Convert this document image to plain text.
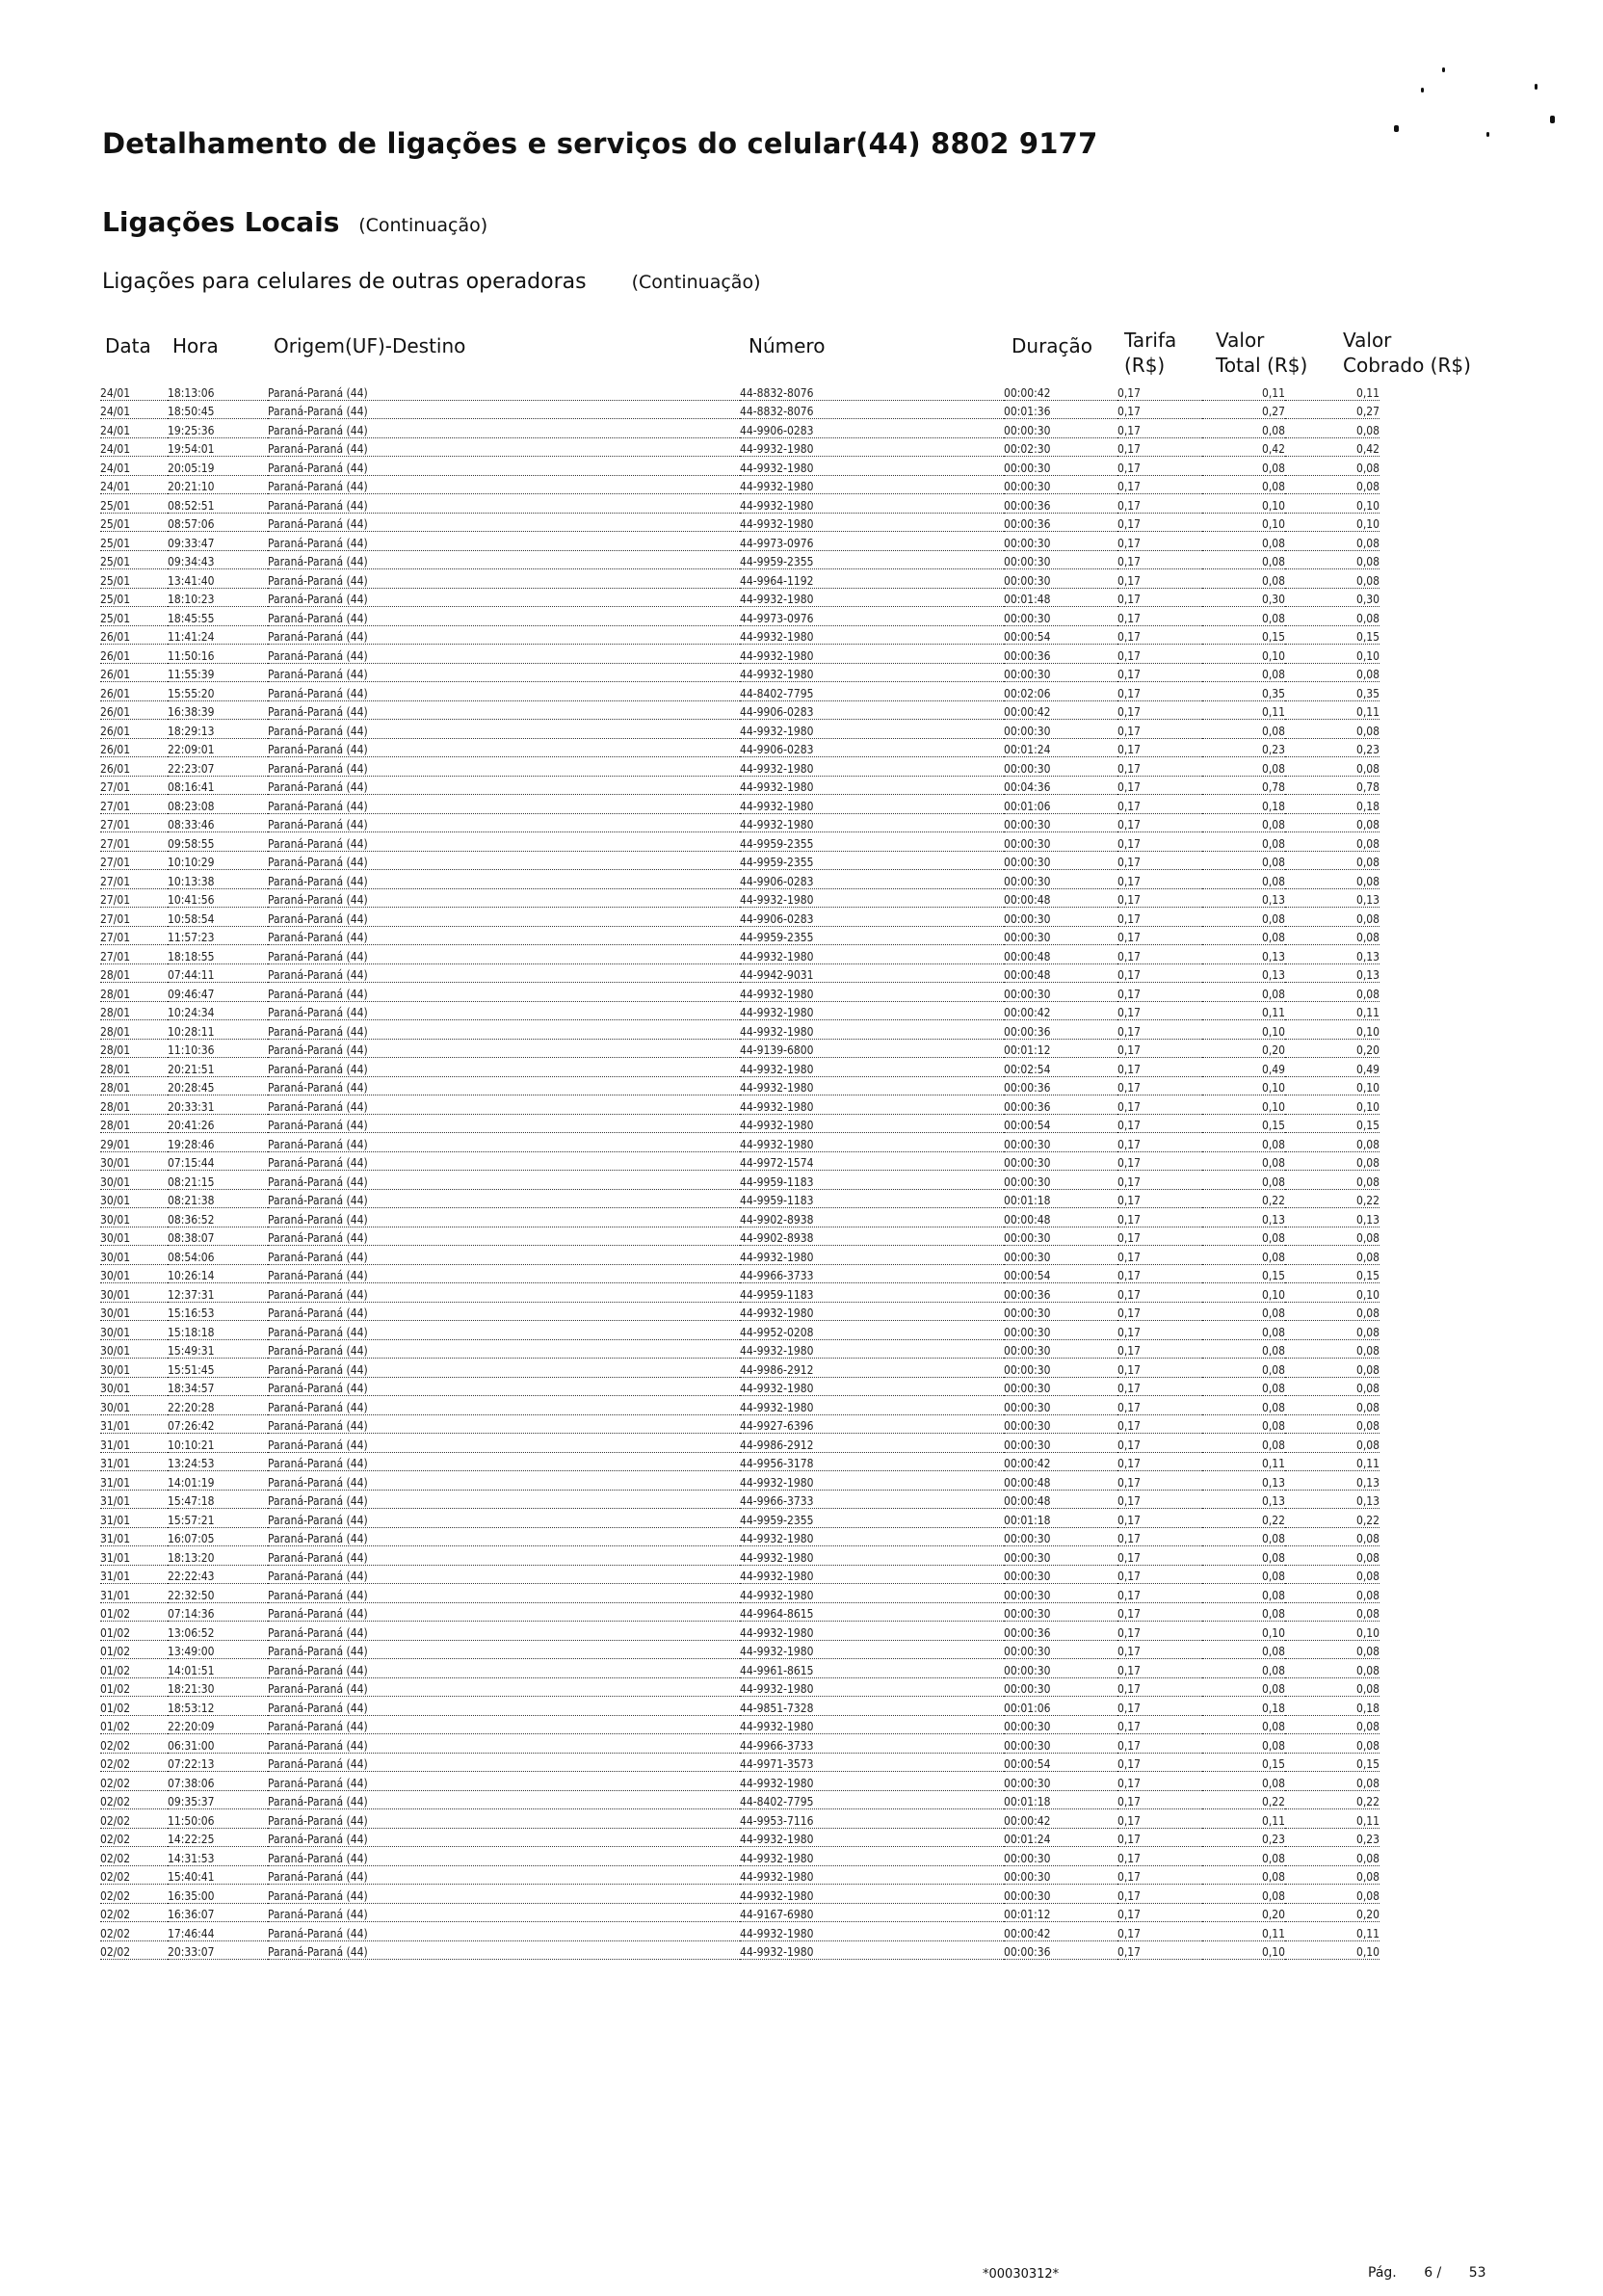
Detalhamento de ligações e serviços do celular(44) 8802 9177
Ligações Locais (Continuação)
Ligações para celulares de outras operadoras (Continuação)
Data Hora	Origem(UF)-Destino	Número	Duração Tarifa
(R$)
Valor
Total (R$)
Valor
Cobrado (R$)
24/01	18:13:06	Paraná-Paraná (44)	44-8832-8076	00:00:42	0,17	0,11	0,11
24/01	18:50:45	Paraná-Paraná (44)	44-8832-8076	00:01:36	0,17	0,27	0,27
24/01	19:25:36	Paraná-Paraná (44)	44-9906-0283	00:00:30	0,17	0,08	0,08
24/01	19:54:01	Paraná-Paraná (44)	44-9932-1980	00:02:30	0,17	0,42	0,42
24/01	20:05:19	Paraná-Paraná (44)	44-9932-1980	00:00:30	0,17	0,08	0,08
24/01	20:21:10	Paraná-Paraná (44)	44-9932-1980	00:00:30	0,17	0,08	0,08
25/01	08:52:51	Paraná-Paraná (44)	44-9932-1980	00:00:36	0,17	0,10	0,10
25/01	08:57:06	Paraná-Paraná (44)	44-9932-1980	00:00:36	0,17	0,10	0,10
25/01	09:33:47	Paraná-Paraná (44)	44-9973-0976	00:00:30	0,17	0,08	0,08
25/01	09:34:43	Paraná-Paraná (44)	44-9959-2355	00:00:30	0,17	0,08	0,08
25/01	13:41:40	Paraná-Paraná (44)	44-9964-1192	00:00:30	0,17	0,08	0,08
25/01	18:10:23	Paraná-Paraná (44)	44-9932-1980	00:01:48	0,17	0,30	0,30
25/01	18:45:55	Paraná-Paraná (44)	44-9973-0976	00:00:30	0,17	0,08	0,08
26/01	11:41:24	Paraná-Paraná (44)	44-9932-1980	00:00:54	0,17	0,15	0,15
26/01	11:50:16	Paraná-Paraná (44)	44-9932-1980	00:00:36	0,17	0,10	0,10
26/01	11:55:39	Paraná-Paraná (44)	44-9932-1980	00:00:30	0,17	0,08	0,08
26/01	15:55:20	Paraná-Paraná (44)	44-8402-7795	00:02:06	0,17	0,35	0,35
26/01	16:38:39	Paraná-Paraná (44)	44-9906-0283	00:00:42	0,17	0,11	0,11
26/01	18:29:13	Paraná-Paraná (44)	44-9932-1980	00:00:30	0,17	0,08	0,08
26/01	22:09:01	Paraná-Paraná (44)	44-9906-0283	00:01:24	0,17	0,23	0,23
26/01	22:23:07	Paraná-Paraná (44)	44-9932-1980	00:00:30	0,17	0,08	0,08
27/01	08:16:41	Paraná-Paraná (44)	44-9932-1980	00:04:36	0,17	0,78	0,78
27/01	08:23:08	Paraná-Paraná (44)	44-9932-1980	00:01:06	0,17	0,18	0,18
27/01	08:33:46	Paraná-Paraná (44)	44-9932-1980	00:00:30	0,17	0,08	0,08
27/01	09:58:55	Paraná-Paraná (44)	44-9959-2355	00:00:30	0,17	0,08	0,08
27/01	10:10:29	Paraná-Paraná (44)	44-9959-2355	00:00:30	0,17	0,08	0,08
27/01	10:13:38	Paraná-Paraná (44)	44-9906-0283	00:00:30	0,17	0,08	0,08
27/01	10:41:56	Paraná-Paraná (44)	44-9932-1980	00:00:48	0,17	0,13	0,13
27/01	10:58:54	Paraná-Paraná (44)	44-9906-0283	00:00:30	0,17	0,08	0,08
27/01	11:57:23	Paraná-Paraná (44)	44-9959-2355	00:00:30	0,17	0,08	0,08
27/01	18:18:55	Paraná-Paraná (44)	44-9932-1980	00:00:48	0,17	0,13	0,13
28/01	07:44:11	Paraná-Paraná (44)	44-9942-9031	00:00:48	0,17	0,13	0,13
28/01	09:46:47	Paraná-Paraná (44)	44-9932-1980	00:00:30	0,17	0,08	0,08
28/01	10:24:34	Paraná-Paraná (44)	44-9932-1980	00:00:42	0,17	0,11	0,11
28/01	10:28:11	Paraná-Paraná (44)	44-9932-1980	00:00:36	0,17	0,10	0,10
28/01	11:10:36	Paraná-Paraná (44)	44-9139-6800	00:01:12	0,17	0,20	0,20
28/01	20:21:51	Paraná-Paraná (44)	44-9932-1980	00:02:54	0,17	0,49	0,49
28/01	20:28:45	Paraná-Paraná (44)	44-9932-1980	00:00:36	0,17	0,10	0,10
28/01	20:33:31	Paraná-Paraná (44)	44-9932-1980	00:00:36	0,17	0,10	0,10
28/01	20:41:26	Paraná-Paraná (44)	44-9932-1980	00:00:54	0,17	0,15	0,15
29/01	19:28:46	Paraná-Paraná (44)	44-9932-1980	00:00:30	0,17	0,08	0,08
30/01	07:15:44	Paraná-Paraná (44)	44-9972-1574	00:00:30	0,17	0,08	0,08
30/01	08:21:15	Paraná-Paraná (44)	44-9959-1183	00:00:30	0,17	0,08	0,08
30/01	08:21:38	Paraná-Paraná (44)	44-9959-1183	00:01:18	0,17	0,22	0,22
30/01	08:36:52	Paraná-Paraná (44)	44-9902-8938	00:00:48	0,17	0,13	0,13
30/01	08:38:07	Paraná-Paraná (44)	44-9902-8938	00:00:30	0,17	0,08	0,08
30/01	08:54:06	Paraná-Paraná (44)	44-9932-1980	00:00:30	0,17	0,08	0,08
30/01	10:26:14	Paraná-Paraná (44)	44-9966-3733	00:00:54	0,17	0,15	0,15
30/01	12:37:31	Paraná-Paraná (44)	44-9959-1183	00:00:36	0,17	0,10	0,10
30/01	15:16:53	Paraná-Paraná (44)	44-9932-1980	00:00:30	0,17	0,08	0,08
30/01	15:18:18	Paraná-Paraná (44)	44-9952-0208	00:00:30	0,17	0,08	0,08
30/01	15:49:31	Paraná-Paraná (44)	44-9932-1980	00:00:30	0,17	0,08	0,08
30/01	15:51:45	Paraná-Paraná (44)	44-9986-2912	00:00:30	0,17	0,08	0,08
30/01	18:34:57	Paraná-Paraná (44)	44-9932-1980	00:00:30	0,17	0,08	0,08
30/01	22:20:28	Paraná-Paraná (44)	44-9932-1980	00:00:30	0,17	0,08	0,08
31/01	07:26:42	Paraná-Paraná (44)	44-9927-6396	00:00:30	0,17	0,08	0,08
31/01	10:10:21	Paraná-Paraná (44)	44-9986-2912	00:00:30	0,17	0,08	0,08
31/01	13:24:53	Paraná-Paraná (44)	44-9956-3178	00:00:42	0,17	0,11	0,11
31/01	14:01:19	Paraná-Paraná (44)	44-9932-1980	00:00:48	0,17	0,13	0,13
31/01	15:47:18	Paraná-Paraná (44)	44-9966-3733	00:00:48	0,17	0,13	0,13
31/01	15:57:21	Paraná-Paraná (44)	44-9959-2355	00:01:18	0,17	0,22	0,22
31/01	16:07:05	Paraná-Paraná (44)	44-9932-1980	00:00:30	0,17	0,08	0,08
31/01	18:13:20	Paraná-Paraná (44)	44-9932-1980	00:00:30	0,17	0,08	0,08
31/01	22:22:43	Paraná-Paraná (44)	44-9932-1980	00:00:30	0,17	0,08	0,08
31/01	22:32:50	Paraná-Paraná (44)	44-9932-1980	00:00:30	0,17	0,08	0,08
01/02	07:14:36	Paraná-Paraná (44)	44-9964-8615	00:00:30	0,17	0,08	0,08
01/02	13:06:52	Paraná-Paraná (44)	44-9932-1980	00:00:36	0,17	0,10	0,10
01/02	13:49:00	Paraná-Paraná (44)	44-9932-1980	00:00:30	0,17	0,08	0,08
01/02	14:01:51	Paraná-Paraná (44)	44-9961-8615	00:00:30	0,17	0,08	0,08
01/02	18:21:30	Paraná-Paraná (44)	44-9932-1980	00:00:30	0,17	0,08	0,08
01/02	18:53:12	Paraná-Paraná (44)	44-9851-7328	00:01:06	0,17	0,18	0,18
01/02	22:20:09	Paraná-Paraná (44)	44-9932-1980	00:00:30	0,17	0,08	0,08
02/02	06:31:00	Paraná-Paraná (44)	44-9966-3733	00:00:30	0,17	0,08	0,08
02/02	07:22:13	Paraná-Paraná (44)	44-9971-3573	00:00:54	0,17	0,15	0,15
02/02	07:38:06	Paraná-Paraná (44)	44-9932-1980	00:00:30	0,17	0,08	0,08
02/02	09:35:37	Paraná-Paraná (44)	44-8402-7795	00:01:18	0,17	0,22	0,22
02/02	11:50:06	Paraná-Paraná (44)	44-9953-7116	00:00:42	0,17	0,11	0,11
02/02	14:22:25	Paraná-Paraná (44)	44-9932-1980	00:01:24	0,17	0,23	0,23
02/02	14:31:53	Paraná-Paraná (44)	44-9932-1980	00:00:30	0,17	0,08	0,08
02/02	15:40:41	Paraná-Paraná (44)	44-9932-1980	00:00:30	0,17	0,08	0,08
02/02	16:35:00	Paraná-Paraná (44)	44-9932-1980	00:00:30	0,17	0,08	0,08
02/02	16:36:07	Paraná-Paraná (44)	44-9167-6980	00:01:12	0,17	0,20	0,20
02/02	17:46:44	Paraná-Paraná (44)	44-9932-1980	00:00:42	0,17	0,11	0,11
02/02	20:33:07	Paraná-Paraná (44)	44-9932-1980	00:00:36	0,17	0,10	0,10
*00030312*	Pág. 6 / 53
